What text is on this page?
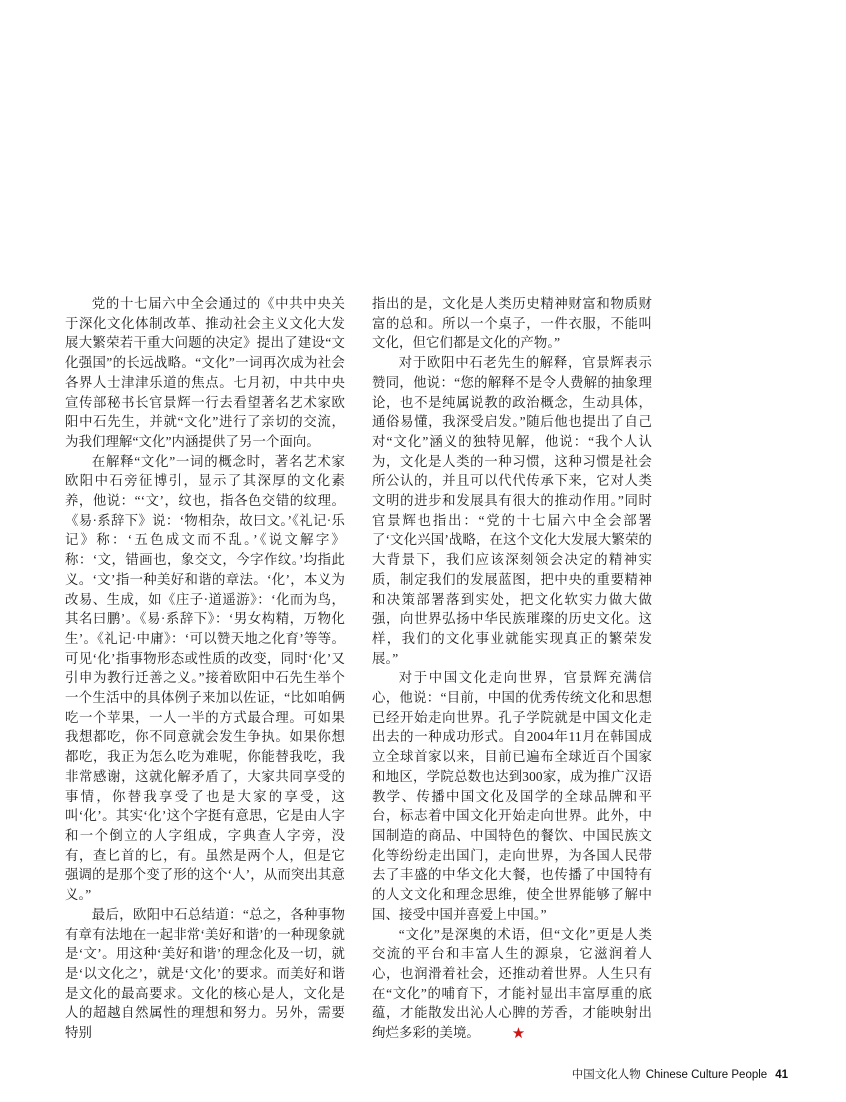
党的十七届六中全会通过的《中共中央关于深化文化体制改革、推动社会主义文化大发展大繁荣若干重大问题的决定》提出了建设“文化强国”的长远战略。“文化”一词再次成为社会各界人士津津乐道的焦点。七月初，中共中央宣传部秘书长官景辉一行去看望著名艺术家欧阳中石先生，并就“文化”进行了亲切的交流，为我们理解“文化”内涵提供了另一个面向。

在解释“文化”一词的概念时，著名艺术家欧阳中石旁征博引，显示了其深厚的文化素养，他说：“‘文’，纹也，指各色交错的纹理。《易·系辞下》说：‘物相杂，故曰文。’《礼记·乐记》称：‘五色成文而不乱。’《说文解字》称：‘文，错画也，象交文，今字作纹。’均指此义。‘文’指一种美好和谐的章法。‘化’，本义为改易、生成，如《庄子·道遥游》：‘化而为鸟，其名曰鹏’。《易·系辞下》：‘男女构精，万物化生’。《礼记·中庸》：‘可以赞天地之化育’等等。可见‘化’指事物形态或性质的改变，同时‘化’又引申为教行迁善之义。”接着欧阳中石先生举个一个生活中的具体例子来加以佐证，“比如咱俩吃一个苹果，一人一半的方式最合理。可如果我想都吃，你不同意就会发生争执。如果你想都吃，我正为怎么吃为难呢，你能替我吃，我非常感谢，这就化解矛盾了，大家共同享受的事情，你替我享受了也是大家的享受，这叫‘化’。其实‘化’这个字挺有意思，它是由人字和一个倒立的人字组成，字典查人字旁，没有，查匕首的匕，有。虽然是两个人，但是它强调的是那个变了形的这个‘人’，从而突出其意义。”

最后，欧阳中石总结道：“总之，各种事物有章有法地在一起非常‘美好和谐’的一种现象就是‘文’。用这种‘美好和谐’的理念化及一切，就是‘以文化之’，就是‘文化’的要求。而美好和谐是文化的最高要求。文化的核心是人，文化是人的超越自然属性的理想和努力。另外，需要特别

指出的是，文化是人类历史精神财富和物质财富的总和。所以一个桌子，一件衣服，不能叫文化，但它们都是文化的产物。”

对于欧阳中石老先生的解释，官景辉表示赞同，他说：“您的解释不是令人费解的抽象理论，也不是纯属说教的政治概念，生动具体，通俗易懂，我深受启发。”随后他也提出了自己对“文化”涵义的独特见解，他说：“我个人认为，文化是人类的一种习惯，这种习惯是社会所公认的，并且可以代代传承下来，它对人类文明的进步和发展具有很大的推动作用。”同时官景辉也指出：“党的十七届六中全会部署了‘文化兴国’战略，在这个文化大发展大繁荣的大背景下，我们应该深刻领会决定的精神实质，制定我们的发展蓝图，把中央的重要精神和决策部署落到实处，把文化软实力做大做强，向世界弘扬中华民族璀璨的历史文化。这样，我们的文化事业就能实现真正的繁荣发展。”

对于中国文化走向世界，官景辉充满信心，他说：“目前，中国的优秀传统文化和思想已经开始走向世界。孔子学院就是中国文化走出去的一种成功形式。自2004年11月在韩国成立全球首家以来，目前已遍布全球近百个国家和地区，学院总数也达到300家，成为推广汉语教学、传播中国文化及国学的全球品牌和平台，标志着中国文化开始走向世界。此外，中国制造的商品、中国特色的餐饮、中国民族文化等纷纷走出国门，走向世界，为各国人民带去了丰盛的中华文化大餐，也传播了中国特有的人文文化和理念思维，使全世界能够了解中国、接受中国并喜爱上中国。”

“文化”是深奥的术语，但“文化”更是人类交流的平台和丰富人生的源泉，它滋润着人心，也润滑着社会，还推动着世界。人生只有在“文化”的哺育下，才能衬显出丰富厚重的底蕴，才能散发出沁人心脾的芳香，才能映射出绚烂多彩的美境。 ★

中国文化人物 Chinese Culture People 41
